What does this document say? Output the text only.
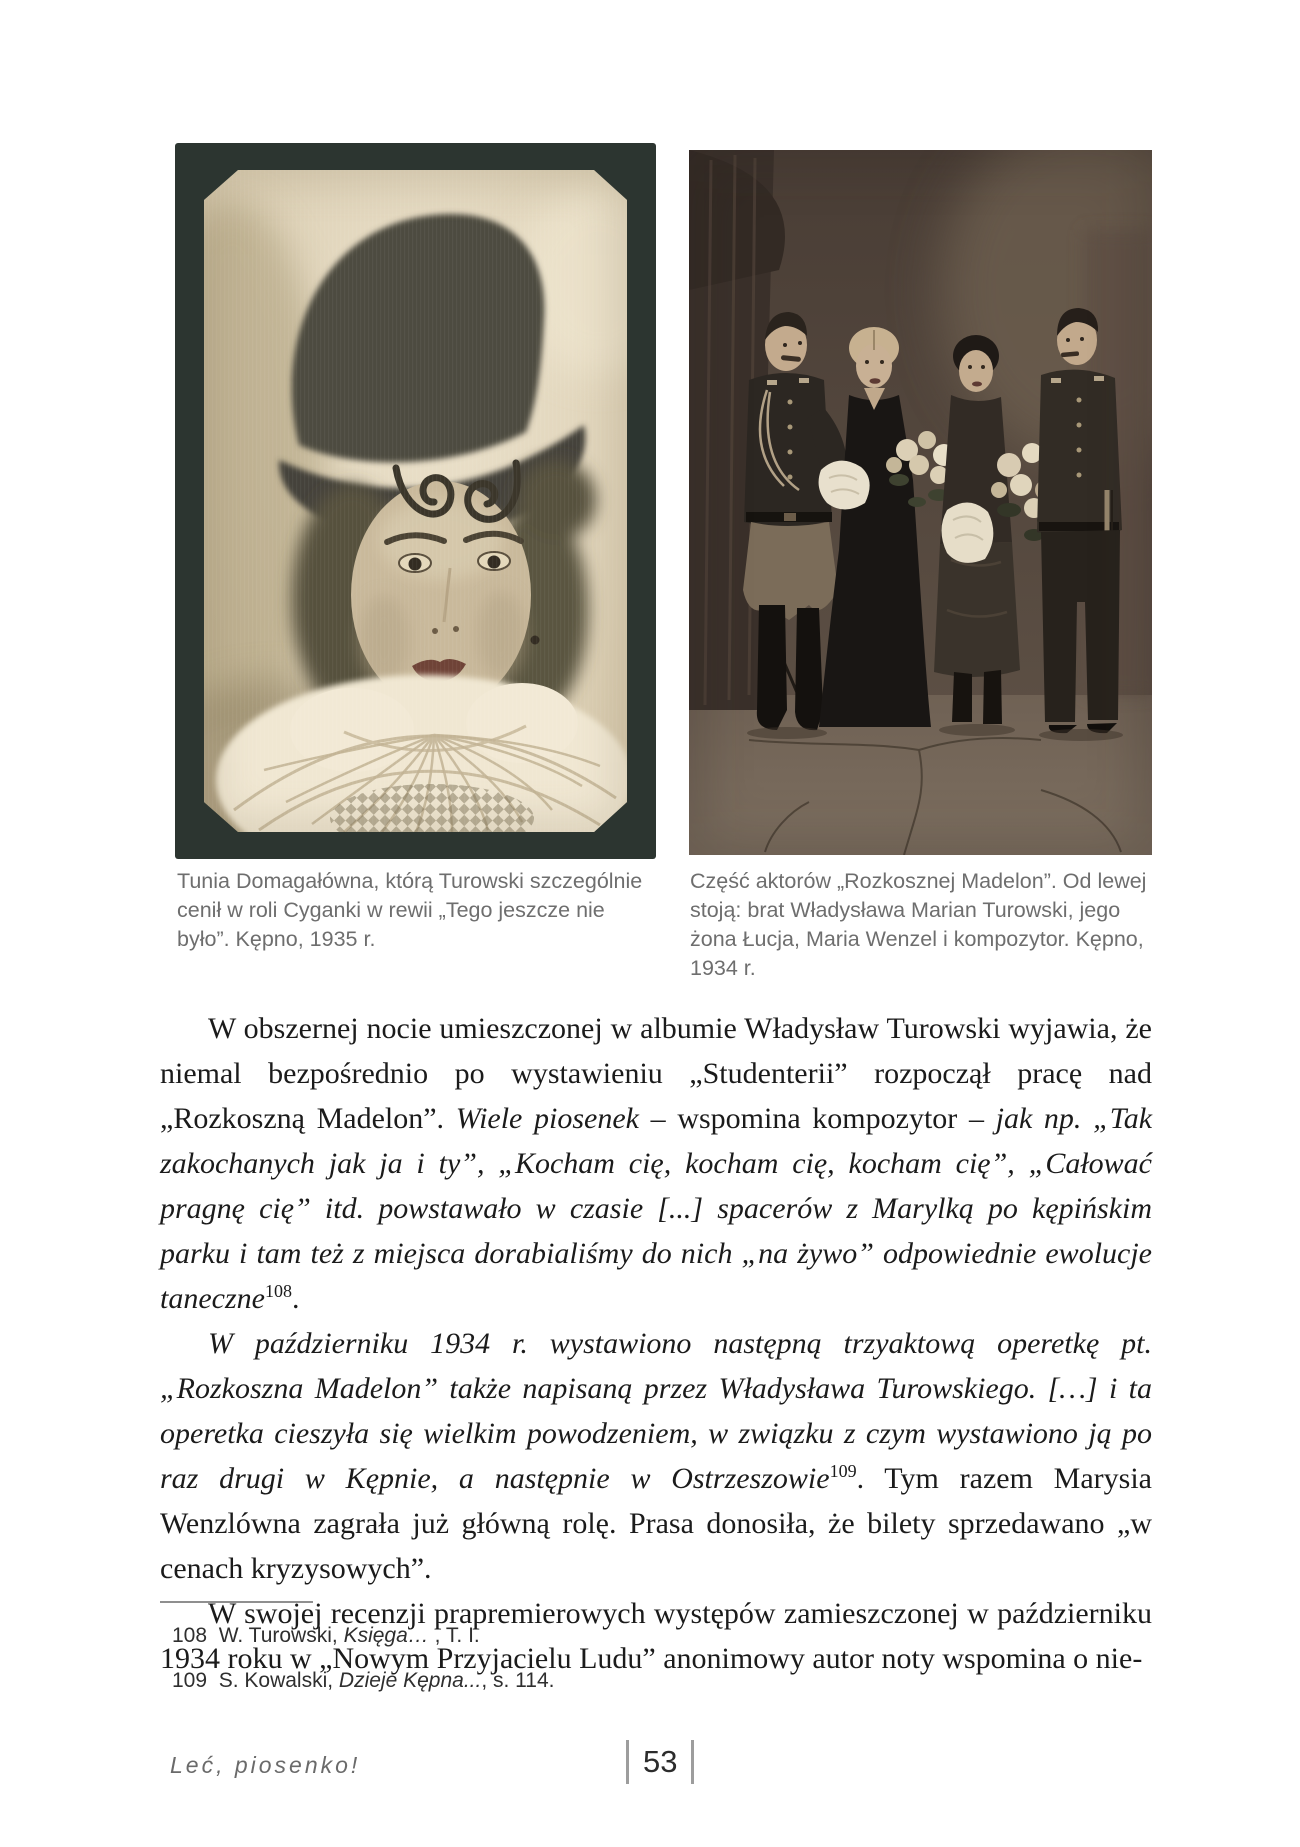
Tunia Domagałówna, którą Turowski szczególnie cenił w roli Cyganki w rewii „Tego jeszcze nie było”. Kępno, 1935 r.
Część aktorów „Rozkosznej Madelon”. Od lewej stoją: brat Władysława Marian Turowski, jego żona Łucja, Maria Wenzel i kompozytor. Kępno, 1934 r.

W obszernej nocie umieszczonej w albumie Władysław Turowski wyjawia, że niemal bezpośrednio po wystawieniu „Studenterii” rozpoczął pracę nad „Rozkoszną Madelon”. Wiele piosenek – wspomina kompozytor – jak np. „Tak zakochanych jak ja i ty”, „Kocham cię, kocham cię, kocham cię”, „Całować pragnę cię” itd. powstawało w czasie [...] spacerów z Marylką po kępińskim parku i tam też z miejsca dorabialiśmy do nich „na żywo” odpowiednie ewolucje taneczne$^{108}$.

W październiku 1934 r. wystawiono następną trzyaktową operetkę pt. „Rozkoszna Madelon” także napisaną przez Władysława Turowskiego. […] i ta operetka cieszyła się wielkim powodzeniem, w związku z czym wystawiono ją po raz drugi w Kępnie, a następnie w Ostrzeszowie$^{109}$. Tym razem Marysia Wenzlówna zagrała już główną rolę. Prasa donosiła, że bilety sprzedawano „w cenach kryzysowych”.

W swojej recenzji prapremierowych występów zamieszczonej w październiku 1934 roku w „Nowym Przyjacielu Ludu” anonimowy autor noty wspomina o nie-

108  W. Turowski, Księga… , T. I.

109  S. Kowalski, Dzieje Kępna..., s. 114.

Leć, piosenko!	53
